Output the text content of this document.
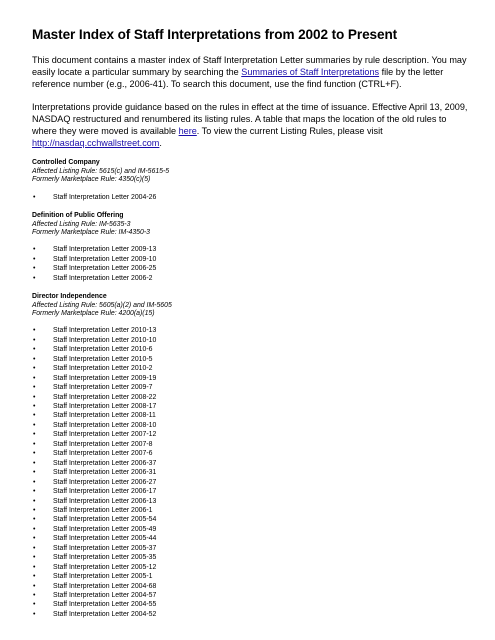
Master Index of Staff Interpretations from 2002 to Present

This document contains a master index of Staff Interpretation Letter summaries by rule description. You may easily locate a particular summary by searching the Summaries of Staff Interpretations file by the letter reference number (e.g., 2006-41). To search this document, use the find function (CTRL+F).

Interpretations provide guidance based on the rules in effect at the time of issuance. Effective April 13, 2009, NASDAQ restructured and renumbered its listing rules. A table that maps the location of the old rules to where they were moved is available here. To view the current Listing Rules, please visit http://nasdaq.cchwallstreet.com.

Controlled Company
Affected Listing Rule: 5615(c) and IM-5615-5
Formerly Marketplace Rule: 4350(c)(5)
• Staff Interpretation Letter 2004-26
Definition of Public Offering
Affected Listing Rule: IM-5635-3
Formerly Marketplace Rule: IM-4350-3
• Staff Interpretation Letter 2009-13
• Staff Interpretation Letter 2009-10
• Staff Interpretation Letter 2006-25
• Staff Interpretation Letter 2006-2
Director Independence
Affected Listing Rule: 5605(a)(2) and IM-5605
Formerly Marketplace Rule: 4200(a)(15)
• Staff Interpretation Letter 2010-13
• Staff Interpretation Letter 2010-10
• Staff Interpretation Letter 2010-6
• Staff Interpretation Letter 2010-5
• Staff Interpretation Letter 2010-2
• Staff Interpretation Letter 2009-19
• Staff Interpretation Letter 2009-7
• Staff Interpretation Letter 2008-22
• Staff Interpretation Letter 2008-17
• Staff Interpretation Letter 2008-11
• Staff Interpretation Letter 2008-10
• Staff Interpretation Letter 2007-12
• Staff Interpretation Letter 2007-8
• Staff Interpretation Letter 2007-6
• Staff Interpretation Letter 2006-37
• Staff Interpretation Letter 2006-31
• Staff Interpretation Letter 2006-27
• Staff Interpretation Letter 2006-17
• Staff Interpretation Letter 2006-13
• Staff Interpretation Letter 2006-1
• Staff Interpretation Letter 2005-54
• Staff Interpretation Letter 2005-49
• Staff Interpretation Letter 2005-44
• Staff Interpretation Letter 2005-37
• Staff Interpretation Letter 2005-35
• Staff Interpretation Letter 2005-12
• Staff Interpretation Letter 2005-1
• Staff Interpretation Letter 2004-68
• Staff Interpretation Letter 2004-57
• Staff Interpretation Letter 2004-55
• Staff Interpretation Letter 2004-52
